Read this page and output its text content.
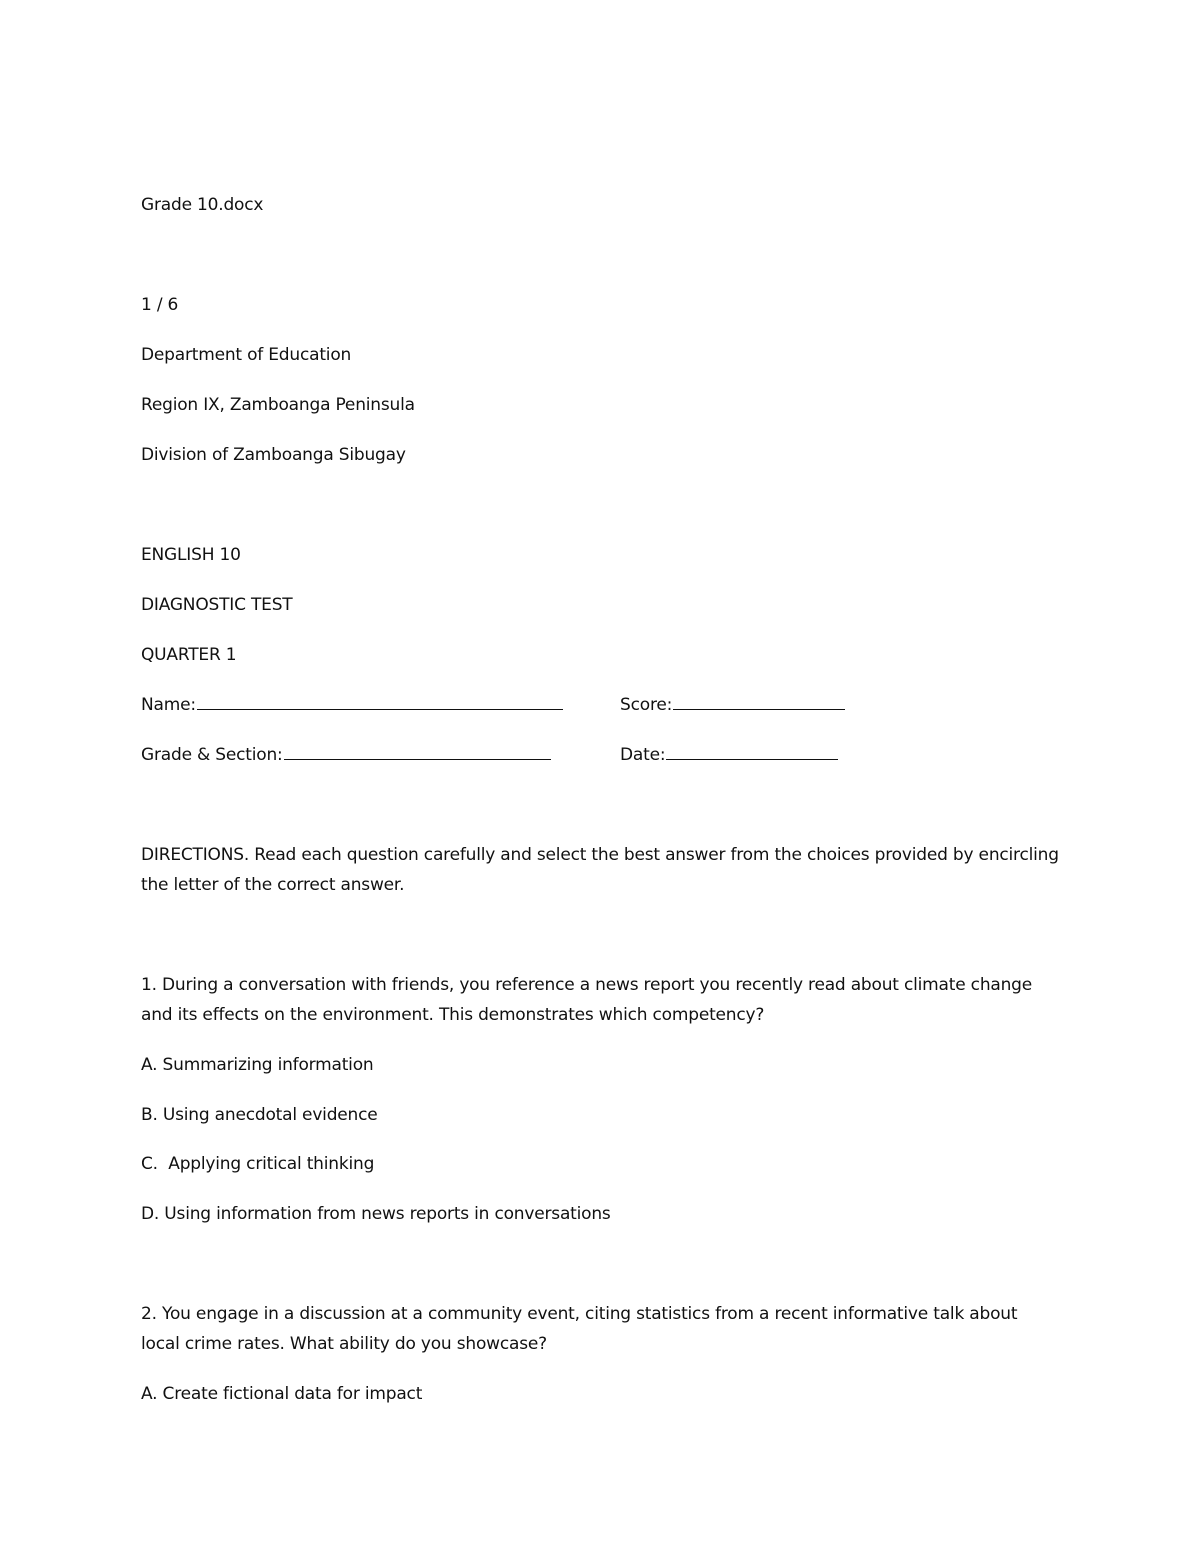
Grade 10.docx
1 / 6
Department of Education
Region IX, Zamboanga Peninsula
Division of Zamboanga Sibugay
ENGLISH 10
DIAGNOSTIC TEST
QUARTER 1
Name:	Score:
Grade & Section:	Date:
DIRECTIONS. Read each question carefully and select the best answer from the choices provided by encircling the letter of the correct answer.
1. During a conversation with friends, you reference a news report you recently read about climate change and its effects on the environment. This demonstrates which competency?
A. Summarizing information
B. Using anecdotal evidence
C.  Applying critical thinking
D. Using information from news reports in conversations
2. You engage in a discussion at a community event, citing statistics from a recent informative talk about local crime rates. What ability do you showcase?
A. Create fictional data for impact
